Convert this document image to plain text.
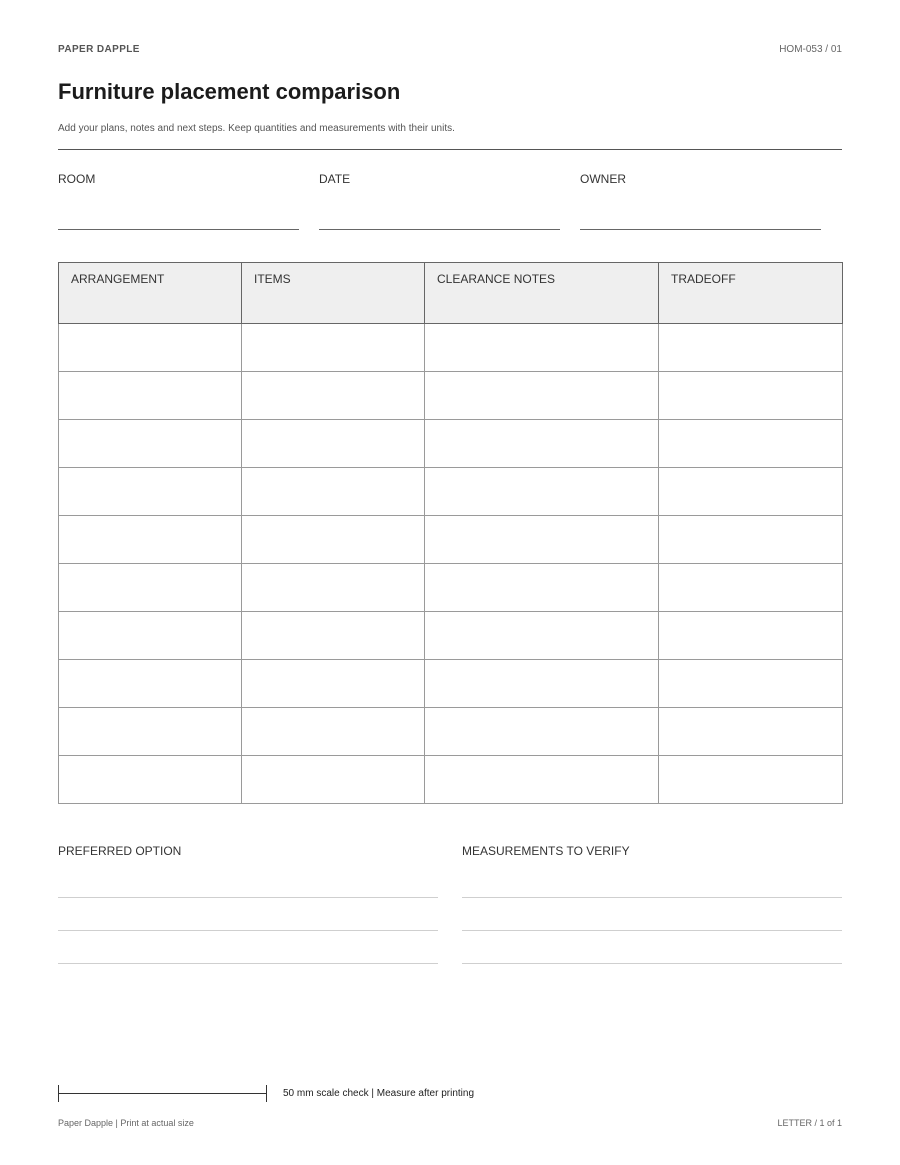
PAPER DAPPLE	HOM-053 / 01
Furniture placement comparison
Add your plans, notes and next steps. Keep quantities and measurements with their units.
ROOM	DATE	OWNER
ARRANGEMENT	ITEMS	CLEARANCE NOTES	TRADEOFF

PREFERRED OPTION	MEASUREMENTS TO VERIFY
50 mm scale check | Measure after printing
Paper Dapple | Print at actual size	LETTER / 1 of 1
